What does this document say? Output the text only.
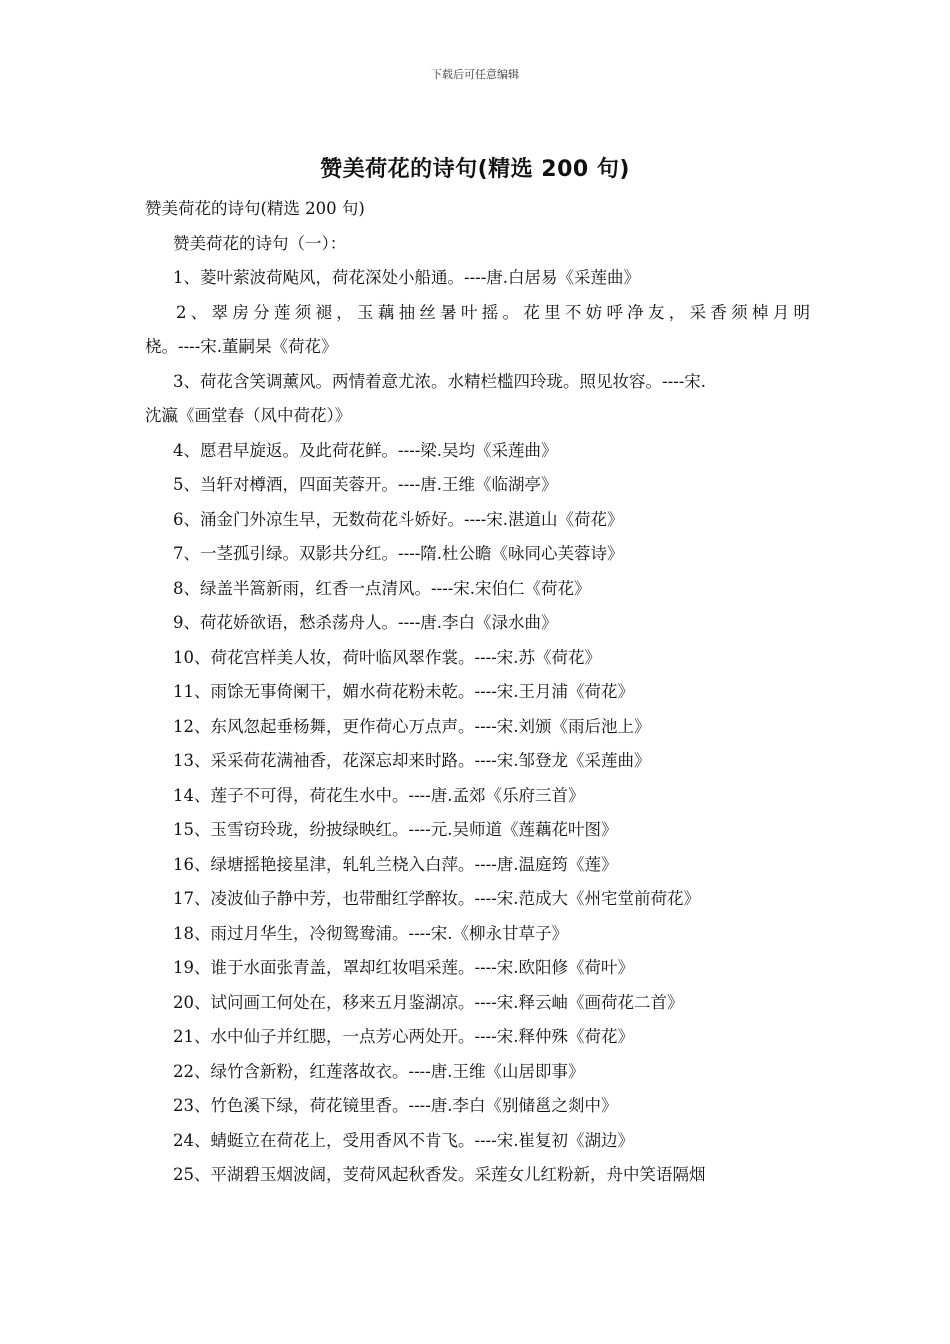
下载后可任意编辑
赞美荷花的诗句(精选 200 句)
赞美荷花的诗句(精选 200 句)
赞美荷花的诗句（一）：
1、菱叶萦波荷飐风，荷花深处小船通。----唐.白居易《采莲曲》
2、翠房分莲须褪，玉藕抽丝暑叶摇。花里不妨呼净友，采香须棹月明
桡。----宋.董嗣杲《荷花》
3、荷花含笑调薰风。两情着意尤浓。水精栏槛四玲珑。照见妆容。----宋.
沈瀛《画堂春（风中荷花）》
4、愿君早旋返。及此荷花鲜。----梁.吴均《采莲曲》
5、当轩对樽酒，四面芙蓉开。----唐.王维《临湖亭》
6、涌金门外凉生早，无数荷花斗娇好。----宋.湛道山《荷花》
7、一茎孤引绿。双影共分红。----隋.杜公瞻《咏同心芙蓉诗》
8、绿盖半篙新雨，红香一点清风。----宋.宋伯仁《荷花》
9、荷花娇欲语，愁杀荡舟人。----唐.李白《渌水曲》
10、荷花宫样美人妆，荷叶临风翠作裳。----宋.苏《荷花》
11、雨馀无事倚阑干，媚水荷花粉未乾。----宋.王月浦《荷花》
12、东风忽起垂杨舞，更作荷心万点声。----宋.刘颁《雨后池上》
13、采采荷花满袖香，花深忘却来时路。----宋.邹登龙《采莲曲》
14、莲子不可得，荷花生水中。----唐.孟郊《乐府三首》
15、玉雪窃玲珑，纷披绿映红。----元.吴师道《莲藕花叶图》
16、绿塘摇艳接星津，轧轧兰桡入白萍。----唐.温庭筠《莲》
17、凌波仙子静中芳，也带酣红学醉妆。----宋.范成大《州宅堂前荷花》
18、雨过月华生，冷彻鸳鸯浦。----宋.《柳永甘草子》
19、谁于水面张青盖，罩却红妆唱采莲。----宋.欧阳修《荷叶》
20、试问画工何处在，移来五月鉴湖凉。----宋.释云岫《画荷花二首》
21、水中仙子并红腮，一点芳心两处开。----宋.释仲殊《荷花》
22、绿竹含新粉，红莲落故衣。----唐.王维《山居即事》
23、竹色溪下绿，荷花镜里香。----唐.李白《别储邕之剡中》
24、蜻蜓立在荷花上，受用香风不肯飞。----宋.崔复初《湖边》
25、平湖碧玉烟波阔，芰荷风起秋香发。采莲女儿红粉新，舟中笑语隔烟
